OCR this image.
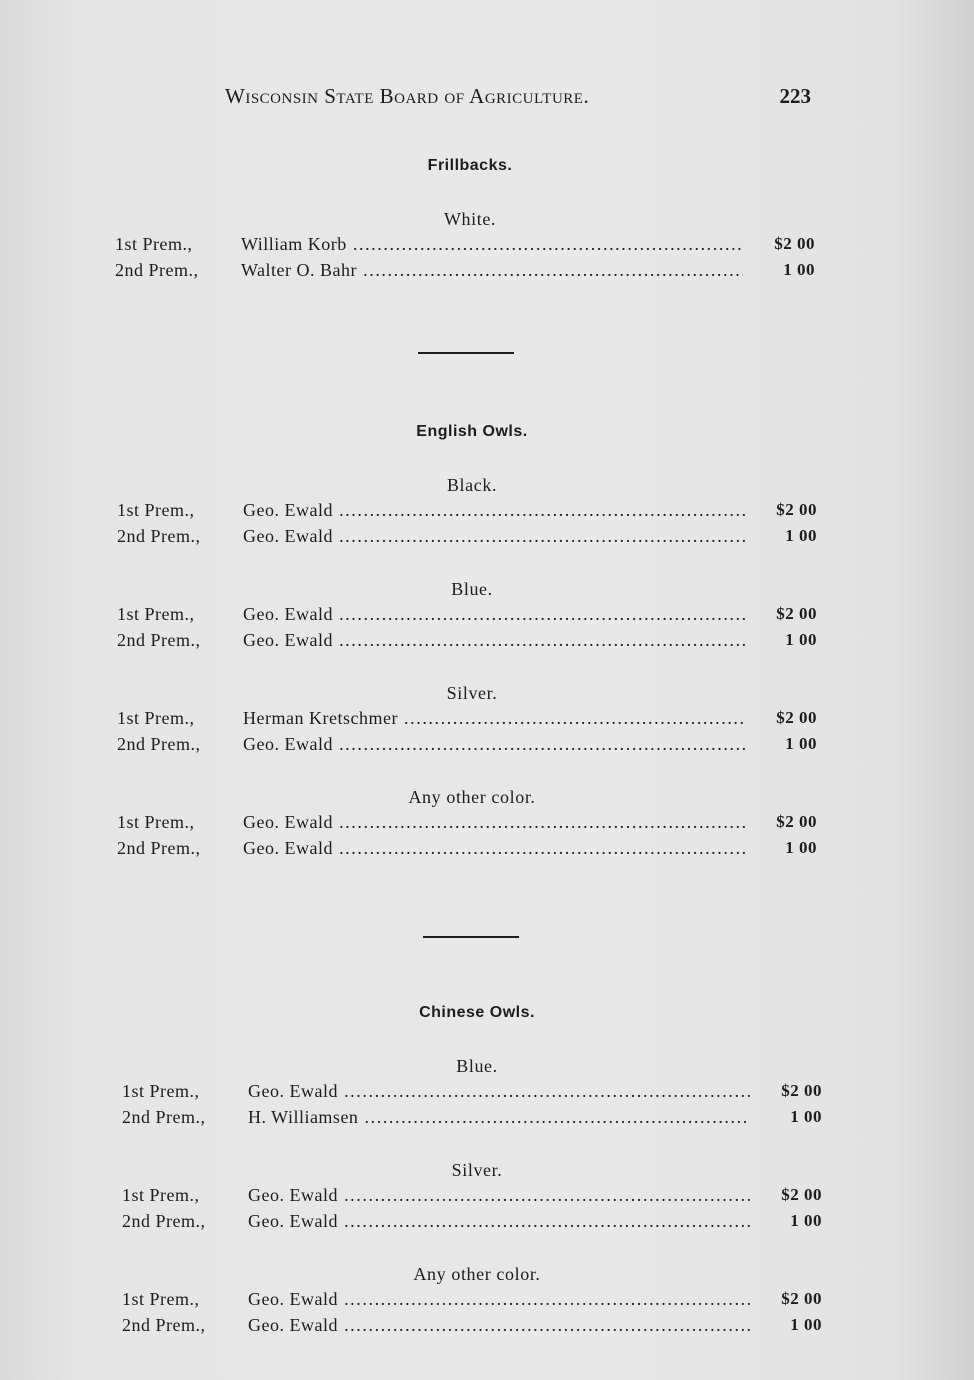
Wisconsin State Board of Agriculture.	223
Frillbacks.
White.
1st Prem.,	William Korb .....	$2 00
2nd Prem., Walter O. Bahr .....	1 00
English Owls.
Black.
1st Prem.,	Geo. Ewald .....	$2 00
2nd Prem., Geo. Ewald .....	1 00
Blue.
1st Prem.,	Geo. Ewald .....	$2 00
2nd Prem., Geo. Ewald .....	1 00
Silver.
1st Prem.,	Herman Kretschmer .....	$2 00
2nd Prem., Geo. Ewald .....	1 00
Any other color.
1st Prem.,	Geo. Ewald .....	$2 00
2nd Prem., Geo. Ewald .....	1 00
Chinese Owls.
Blue.
1st Prem.,	Geo. Ewald .....	$2 00
2nd Prem., H. Williamsen .....	1 00
Silver.
1st Prem.,	Geo. Ewald .....	$2 00
2nd Prem., Geo. Ewald .....	1 00
Any other color.
1st Prem.,	Geo. Ewald .....	$2 00
2nd Prem., Geo. Ewald .....	1 00
